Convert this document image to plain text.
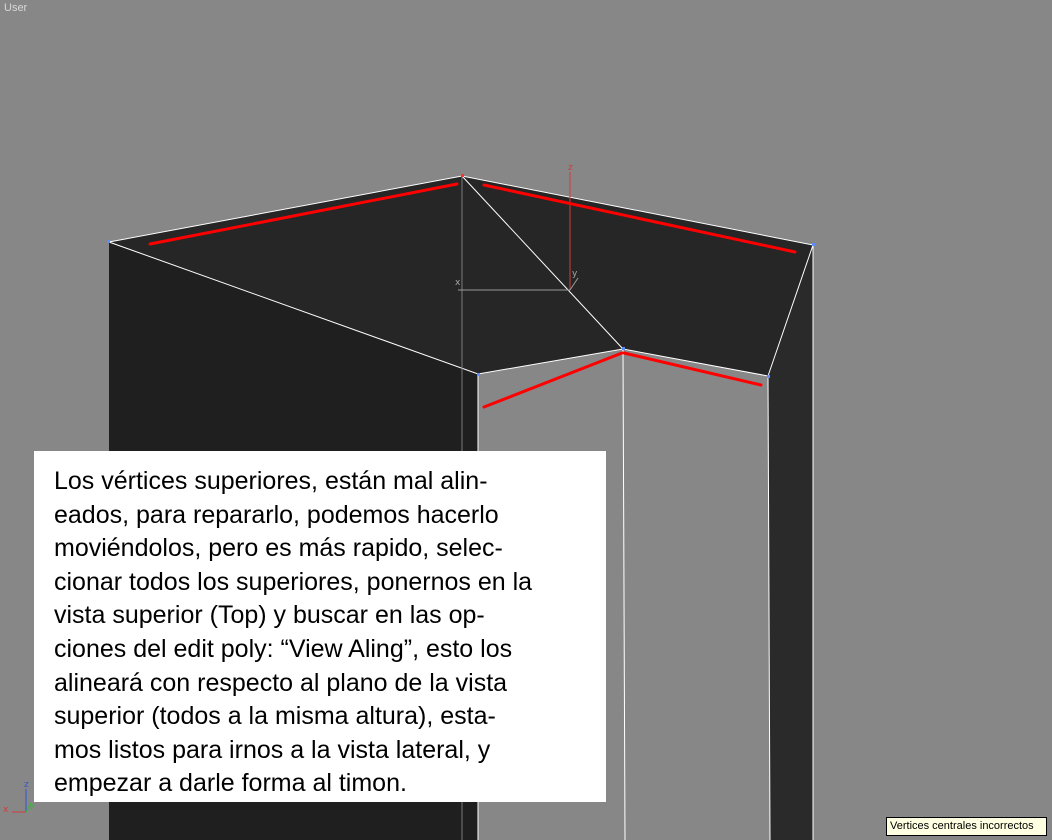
z
x
y
z
x y
User

Los vértices superiores, están mal alin-
eados, para repararlo, podemos hacerlo
moviéndolos, pero es más rapido, selec-
cionar todos los superiores, ponernos en la
vista superior (Top) y buscar en las op-
ciones del edit poly: “View Aling”, esto los
alineará con respecto al plano de la vista
superior (todos a la misma altura), esta-
mos listos para irnos a la vista lateral, y
empezar a darle forma al timon.

Vertices centrales incorrectos
